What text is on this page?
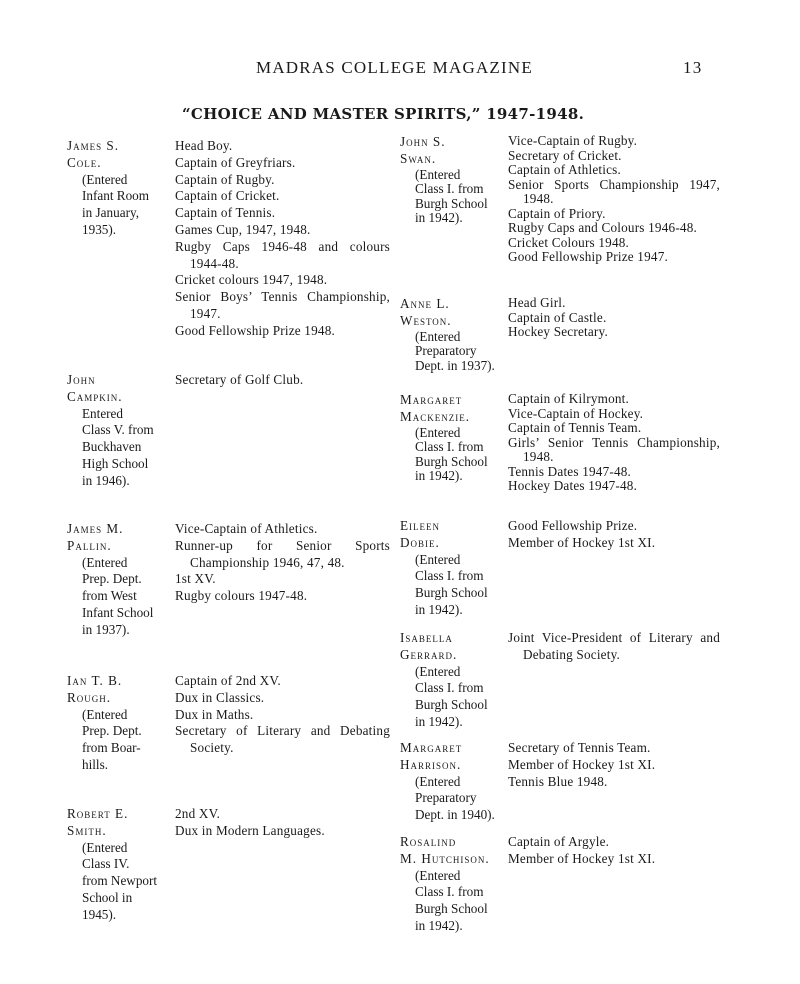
MADRAS COLLEGE MAGAZINE	13
“CHOICE AND MASTER SPIRITS,” 1947-1948.
James S.
Cole.
(Entered
Infant Room
in January,
1935).
Head Boy.
Captain of Greyfriars.
Captain of Rugby.
Captain of Cricket.
Captain of Tennis.
Games Cup, 1947, 1948.
Rugby Caps 1946-48 and colours 1944-48.
Cricket colours 1947, 1948.
Senior Boys’ Tennis Championship, 1947.
Good Fellowship Prize 1948.
John
Campkin.
Entered
Class V. from
Buckhaven
High School
in 1946).
Secretary of Golf Club.
James M.
Pallin.
(Entered
Prep. Dept.
from West
Infant School
in 1937).
Vice-Captain of Athletics.
Runner-up for Senior Sports Championship 1946, 47, 48.
1st XV.
Rugby colours 1947-48.
Ian T. B.
Rough.
(Entered
Prep. Dept.
from Boar-
hills.
Captain of 2nd XV.
Dux in Classics.
Dux in Maths.
Secretary of Literary and Debating Society.
Robert E.
Smith.
(Entered
Class IV.
from Newport
School in
1945).
2nd XV.
Dux in Modern Languages.
John S.
Swan.
(Entered
Class I. from
Burgh School
in 1942).
Vice-Captain of Rugby.
Secretary of Cricket.
Captain of Athletics.
Senior Sports Championship 1947, 1948.
Captain of Priory.
Rugby Caps and Colours 1946-48.
Cricket Colours 1948.
Good Fellowship Prize 1947.
Anne L.
Weston.
(Entered
Preparatory
Dept. in 1937).
Head Girl.
Captain of Castle.
Hockey Secretary.
Margaret
Mackenzie.
(Entered
Class I. from
Burgh School
in 1942).
Captain of Kilrymont.
Vice-Captain of Hockey.
Captain of Tennis Team.
Girls’ Senior Tennis Championship, 1948.
Tennis Dates 1947-48.
Hockey Dates 1947-48.
Eileen
Dobie.
(Entered
Class I. from
Burgh School
in 1942).
Good Fellowship Prize.
Member of Hockey 1st XI.
Isabella
Gerrard.
(Entered
Class I. from
Burgh School
in 1942).
Joint Vice-President of Literary and Debating Society.
Margaret
Harrison.
(Entered
Preparatory
Dept. in 1940).
Secretary of Tennis Team.
Member of Hockey 1st XI.
Tennis Blue 1948.
Rosalind
M. Hutchison.
(Entered
Class I. from
Burgh School
in 1942).
Captain of Argyle.
Member of Hockey 1st XI.
